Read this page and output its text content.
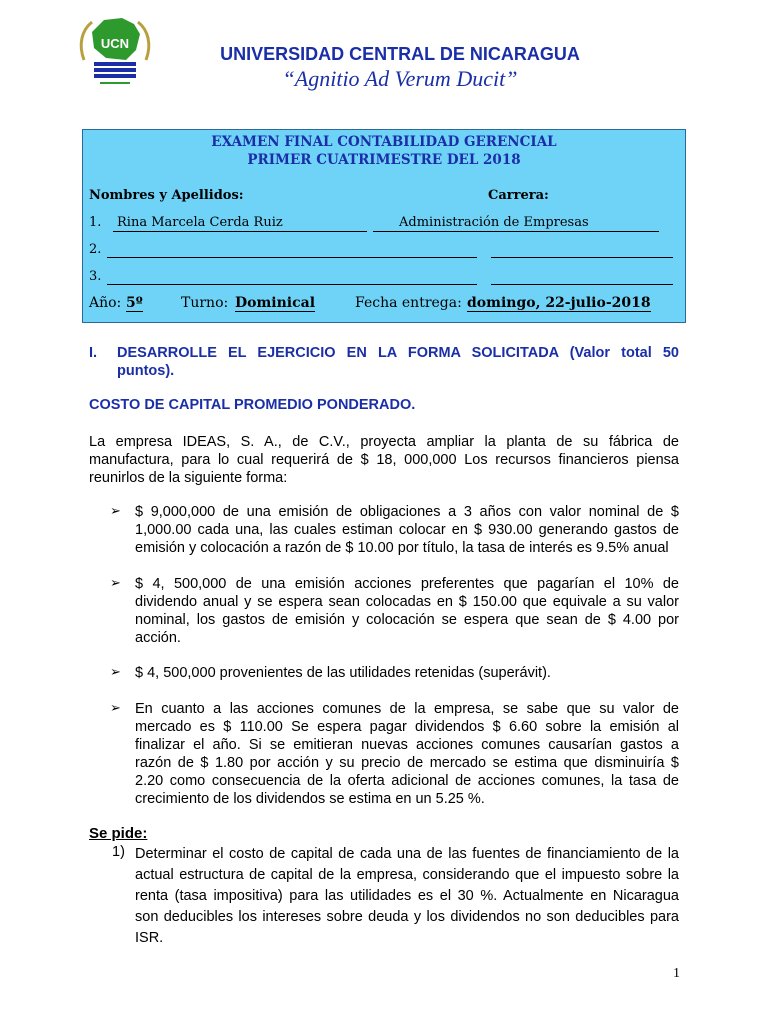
UCN
UNIVERSIDAD CENTRAL DE NICARAGUA
“Agnitio Ad Verum Ducit”
EXAMEN FINAL CONTABILIDAD GERENCIAL
PRIMER CUATRIMESTRE DEL 2018
Nombres y Apellidos:	Carrera:
1. Rina Marcela Cerda Ruiz	Administración de Empresas
2.
3.
Año: 5º	Turno: Dominical	Fecha entrega: domingo, 22-julio-2018
I. DESARROLLE EL EJERCICIO EN LA FORMA SOLICITADA (Valor total 50
puntos).
COSTO DE CAPITAL PROMEDIO PONDERADO.
La empresa IDEAS, S. A., de C.V., proyecta ampliar la planta de su fábrica de
manufactura, para lo cual requerirá de $ 18, 000,000 Los recursos financieros piensa
reunirlos de la siguiente forma:
➢ $ 9,000,000 de una emisión de obligaciones a 3 años con valor nominal de $
1,000.00 cada una, las cuales estiman colocar en $ 930.00 generando gastos de
emisión y colocación a razón de $ 10.00 por título, la tasa de interés es 9.5% anual
➢ $ 4, 500,000 de una emisión acciones preferentes que pagarían el 10% de
dividendo anual y se espera sean colocadas en $ 150.00 que equivale a su valor
nominal, los gastos de emisión y colocación se espera que sean de $ 4.00 por
acción.
➢ $ 4, 500,000 provenientes de las utilidades retenidas (superávit).
➢ En cuanto a las acciones comunes de la empresa, se sabe que su valor de
mercado es $ 110.00 Se espera pagar dividendos $ 6.60 sobre la emisión al
finalizar el año. Si se emitieran nuevas acciones comunes causarían gastos a
razón de $ 1.80 por acción y su precio de mercado se estima que disminuiría $
2.20 como consecuencia de la oferta adicional de acciones comunes, la tasa de
crecimiento de los dividendos se estima en un 5.25 %.
Se pide:
1) Determinar el costo de capital de cada una de las fuentes de financiamiento de la
actual estructura de capital de la empresa, considerando que el impuesto sobre la
renta (tasa impositiva) para las utilidades es el 30 %. Actualmente en Nicaragua
son deducibles los intereses sobre deuda y los dividendos no son deducibles para
ISR.
1
